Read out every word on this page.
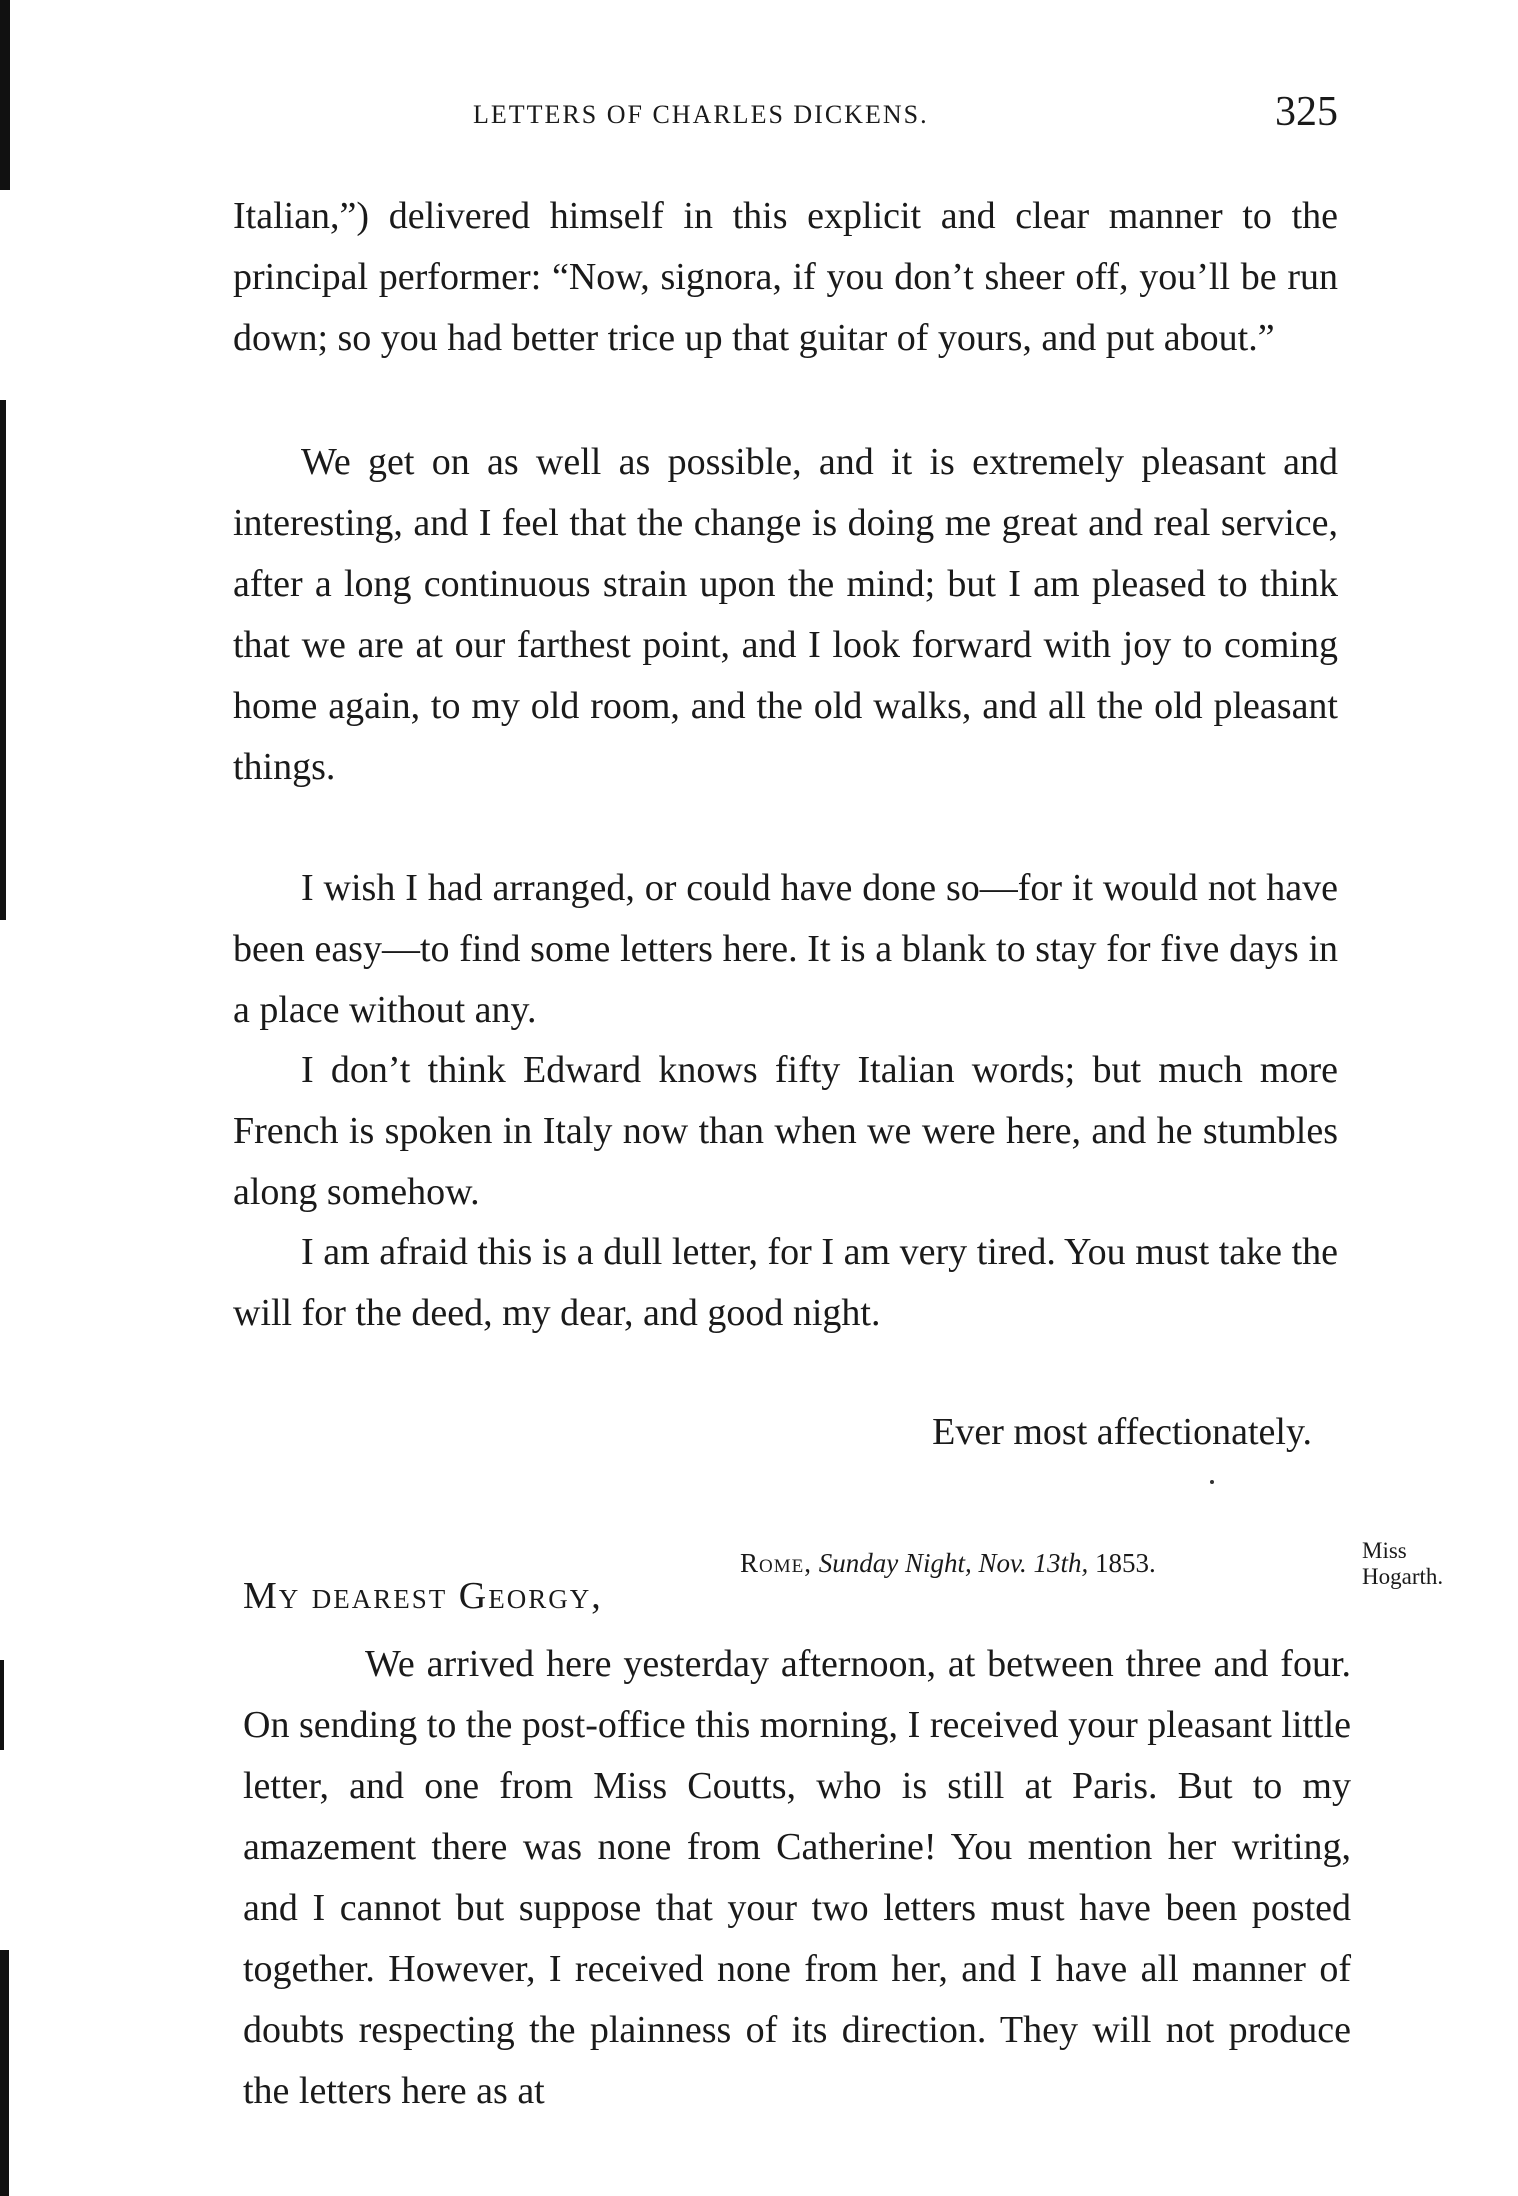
LETTERS OF CHARLES DICKENS.	325

Italian,”) delivered himself in this explicit and clear manner to the principal performer: “Now, signora, if you don’t sheer off, you’ll be run down; so you had better trice up that guitar of yours, and put about.”

We get on as well as possible, and it is extremely pleasant and interesting, and I feel that the change is doing me great and real service, after a long continuous strain upon the mind; but I am pleased to think that we are at our farthest point, and I look forward with joy to coming home again, to my old room, and the old walks, and all the old pleasant things.

I wish I had arranged, or could have done so—for it would not have been easy—to find some letters here. It is a blank to stay for five days in a place without any.

I don’t think Edward knows fifty Italian words; but much more French is spoken in Italy now than when we were here, and he stumbles along somehow.

I am afraid this is a dull letter, for I am very tired. You must take the will for the deed, my dear, and good night.

Ever most affectionately.
Rome, Sunday Night, Nov. 13th, 1853.	Miss
Hogarth.
My dearest Georgy,

We arrived here yesterday afternoon, at between three and four. On sending to the post-office this morning, I received your pleasant little letter, and one from Miss Coutts, who is still at Paris. But to my amazement there was none from Catherine! You mention her writing, and I cannot but suppose that your two letters must have been posted together. However, I received none from her, and I have all manner of doubts respecting the plainness of its direction. They will not produce the letters here as at
